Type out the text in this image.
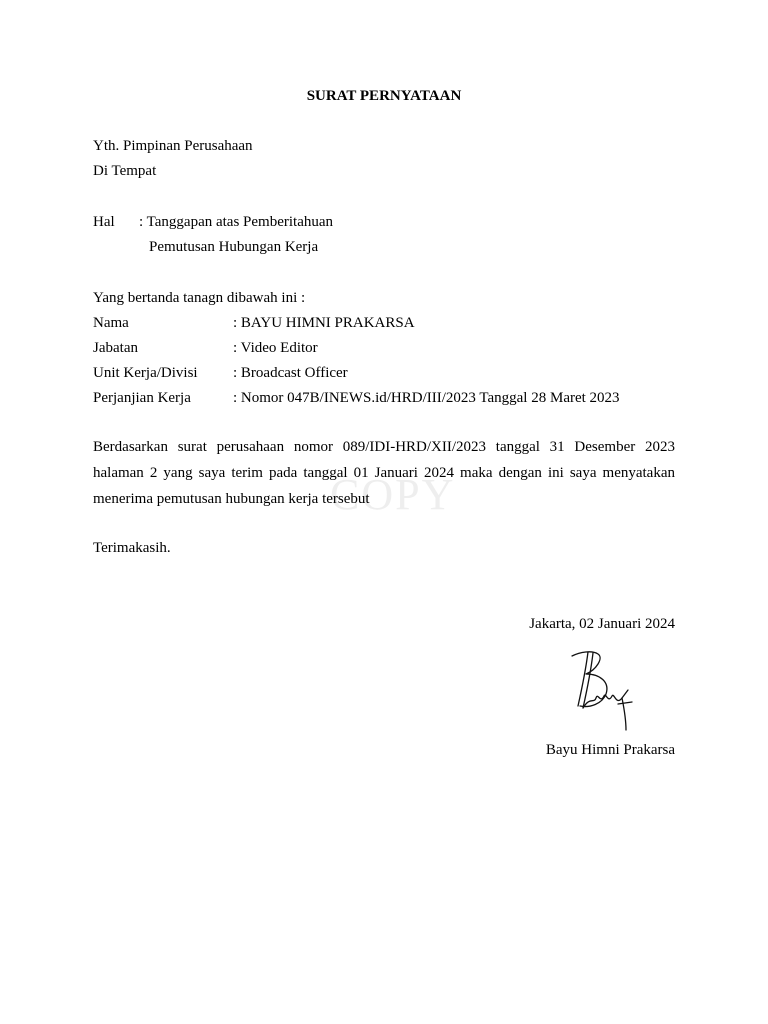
SURAT PERNYATAAN
Yth. Pimpinan Perusahaan
Di Tempat
Hal : Tanggapan atas Pemberitahuan
Pemutusan Hubungan Kerja
Yang bertanda tanagn dibawah ini :
Nama	: BAYU HIMNI PRAKARSA
Jabatan	: Video Editor
Unit Kerja/Divisi : Broadcast Officer
Perjanjian Kerja	: Nomor 047B/INEWS.id/HRD/III/2023 Tanggal 28 Maret 2023
COPY
Berdasarkan surat perusahaan nomor 089/IDI-HRD/XII/2023 tanggal 31 Desember 2023 halaman 2 yang saya terim pada tanggal 01 Januari 2024 maka dengan ini saya menyatakan menerima pemutusan hubungan kerja tersebut
Terimakasih.
Jakarta, 02 Januari 2024
Bayu Himni Prakarsa
